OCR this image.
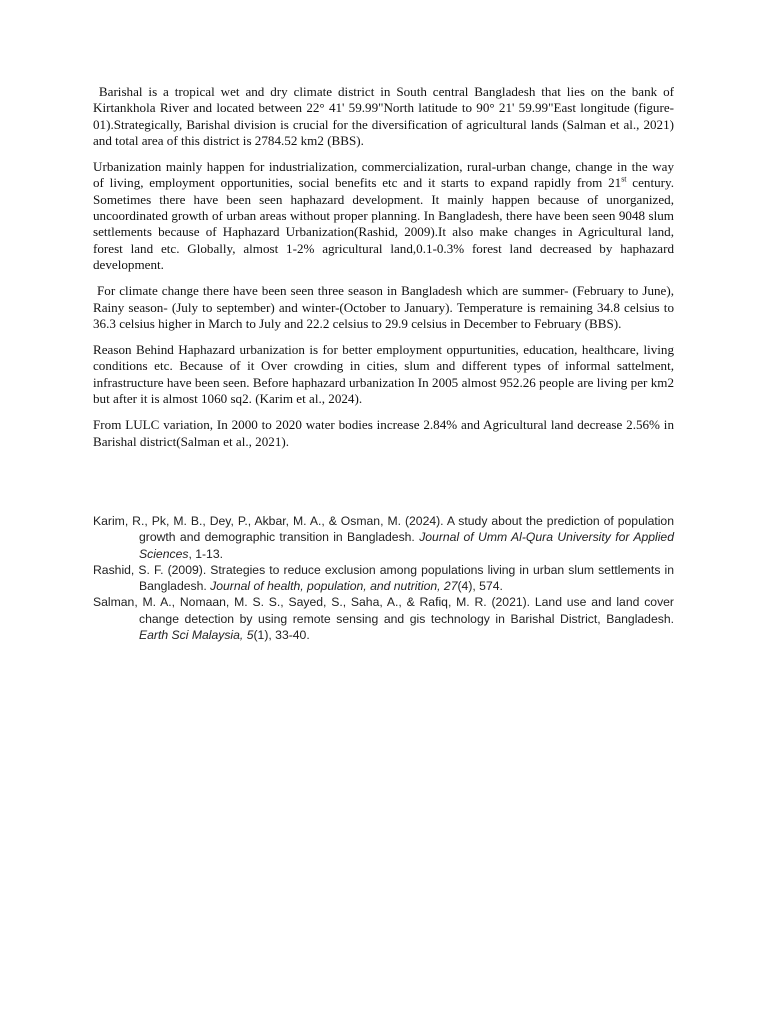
Barishal is a tropical wet and dry climate district in South central Bangladesh that lies on the bank of Kirtankhola River and located between 22° 41' 59.99"North latitude to 90° 21' 59.99"East longitude (figure-01).Strategically, Barishal division is crucial for the diversification of agricultural lands (Salman et al., 2021) and total area of this district is 2784.52 km2 (BBS).

Urbanization mainly happen for industrialization, commercialization, rural-urban change, change in the way of living, employment opportunities, social benefits etc and it starts to expand rapidly from 21st century. Sometimes there have been seen haphazard development. It mainly happen because of unorganized, uncoordinated growth of urban areas without proper planning. In Bangladesh, there have been seen 9048 slum settlements because of Haphazard Urbanization(Rashid, 2009).It also make changes in Agricultural land, forest land etc. Globally, almost 1-2% agricultural land,0.1-0.3% forest land decreased by haphazard development.

For climate change there have been seen three season in Bangladesh which are summer- (February to June), Rainy season- (July to september) and winter-(October to January). Temperature is remaining 34.8 celsius to 36.3 celsius higher in March to July and 22.2 celsius to 29.9 celsius in December to February (BBS).

Reason Behind Haphazard urbanization is for better employment oppurtunities, education, healthcare, living conditions etc. Because of it Over crowding in cities, slum and different types of informal sattelment, infrastructure have been seen. Before haphazard urbanization In 2005 almost 952.26 people are living per km2 but after it is almost 1060 sq2. (Karim et al., 2024).

From LULC variation, In 2000 to 2020 water bodies increase 2.84% and Agricultural land decrease 2.56% in Barishal district(Salman et al., 2021).

Karim, R., Pk, M. B., Dey, P., Akbar, M. A., & Osman, M. (2024). A study about the prediction of population growth and demographic transition in Bangladesh. Journal of Umm Al-Qura University for Applied Sciences, 1-13.

Rashid, S. F. (2009). Strategies to reduce exclusion among populations living in urban slum settlements in Bangladesh. Journal of health, population, and nutrition, 27(4), 574.

Salman, M. A., Nomaan, M. S. S., Sayed, S., Saha, A., & Rafiq, M. R. (2021). Land use and land cover change detection by using remote sensing and gis technology in Barishal District, Bangladesh. Earth Sci Malaysia, 5(1), 33-40.
